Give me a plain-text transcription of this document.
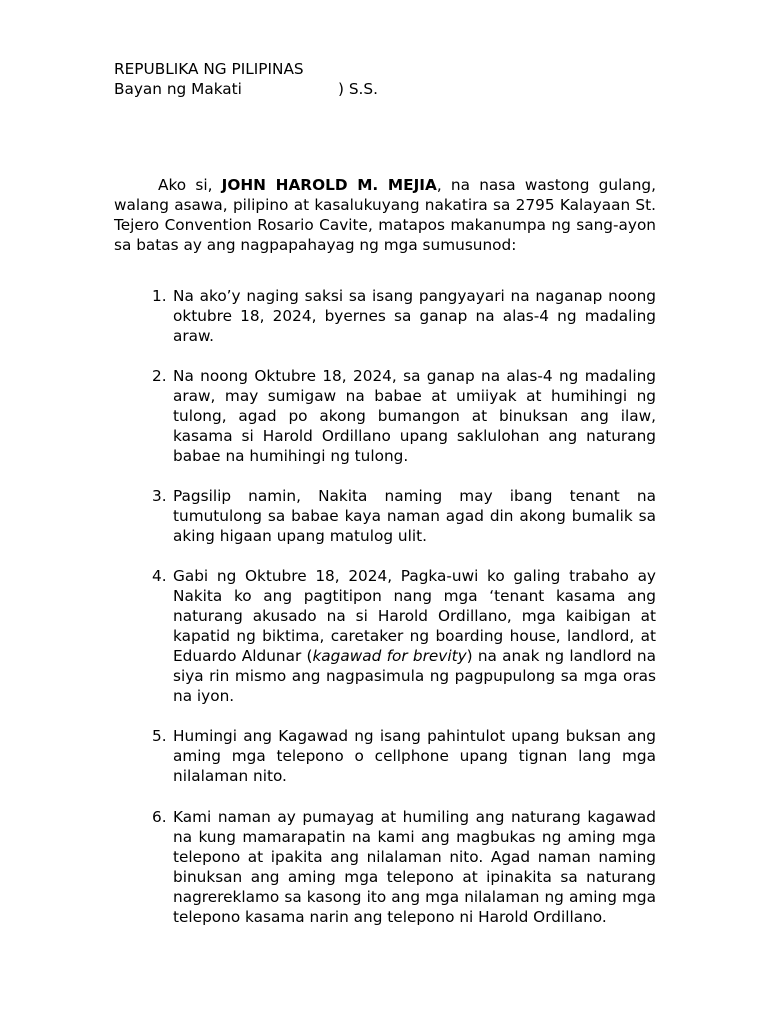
REPUBLIKA NG PILIPINAS
Bayan ng Makati	) S.S.
Ako si, JOHN HAROLD M. MEJIA, na nasa wastong gulang, walang asawa, pilipino at kasalukuyang nakatira sa 2795 Kalayaan St. Tejero Convention Rosario Cavite, matapos makanumpa ng sang-ayon sa batas ay ang nagpapahayag ng mga sumusunod:
1. Na ako’y naging saksi sa isang pangyayari na naganap noong oktubre 18, 2024, byernes sa ganap na alas-4 ng madaling araw.
2. Na noong Oktubre 18, 2024, sa ganap na alas-4 ng madaling araw, may sumigaw na babae at umiiyak at humihingi ng tulong, agad po akong bumangon at binuksan ang ilaw, kasama si Harold Ordillano upang saklulohan ang naturang babae na humihingi ng tulong.
3. Pagsilip namin, Nakita naming may ibang tenant na tumutulong sa babae kaya naman agad din akong bumalik sa aking higaan upang matulog ulit.
4. Gabi ng Oktubre 18, 2024, Pagka-uwi ko galing trabaho ay Nakita ko ang pagtitipon nang mga ‘tenant kasama ang naturang akusado na si Harold Ordillano, mga kaibigan at kapatid ng biktima, caretaker ng boarding house, landlord, at Eduardo Aldunar (kagawad for brevity) na anak ng landlord na siya rin mismo ang nagpasimula ng pagpupulong sa mga oras na iyon.
5. Humingi ang Kagawad ng isang pahintulot upang buksan ang aming mga telepono o cellphone upang tignan lang mga nilalaman nito.
6. Kami naman ay pumayag at humiling ang naturang kagawad na kung mamarapatin na kami ang magbukas ng aming mga telepono at ipakita ang nilalaman nito. Agad naman naming binuksan ang aming mga telepono at ipinakita sa naturang nagrereklamo sa kasong ito ang mga nilalaman ng aming mga telepono kasama narin ang telepono ni Harold Ordillano.
